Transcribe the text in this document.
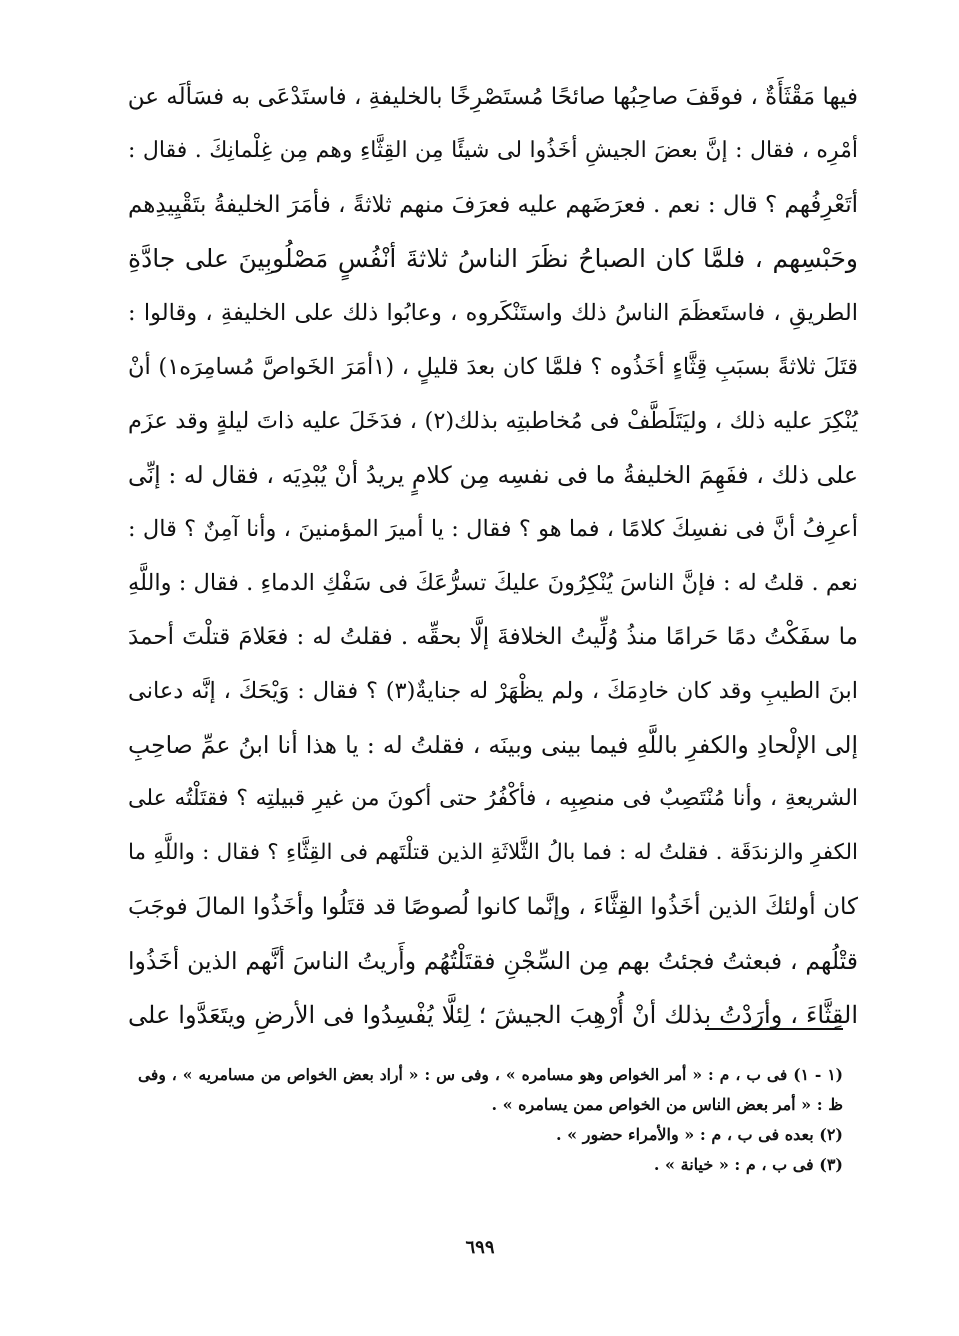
فيها مَقْثَأَةٌ ، فوقَفَ صاحِبُها صائحًا مُستَصْرِخًا بالخليفةِ ، فاستَدْعَى به فسَألَه عن
أمْرِه ، فقال : إنَّ بعضَ الجيشِ أخَذُوا لى شيئًا مِن القِثَّاءِ وهم مِن غِلْمانِكَ . فقال :
أتَعْرِفُهم ؟ قال : نعم . فعرَضَهم عليه فعرَفَ منهم ثلاثةً ، فأمَرَ الخليفةُ بتَقْيِيدِهم
وحَبْسِهم ، فلمَّا كان الصباحُ نظَرَ الناسُ ثلاثةَ أنْفُسٍ مَصْلُوبِينَ على جادَّةِ
الطريقِ ، فاستَعظَمَ الناسُ ذلك واستَنْكَروه ، وعابُوا ذلك على الخليفةِ ، وقالوا :
قتَلَ ثلاثةً بسبَبِ قِثَّاءٍ أخَذُوه ؟ فلمَّا كان بعدَ قليلٍ ، (١أمَرَ الخَواصَّ مُسامِرَه١) أنْ
يُنْكِرَ عليه ذلك ، وليَتَلَطَّفْ فى مُخاطبتِه بذلك(٢) ، فدَخَلَ عليه ذاتَ ليلةٍ وقد عزَم
على ذلك ، ففَهِمَ الخليفةُ ما فى نفسِه مِن كلامٍ يريدُ أنْ يُبْدِيَه ، فقال له : إنِّى
أعرِفُ أنَّ فى نفسِكَ كلامًا ، فما هو ؟ فقال : يا أميرَ المؤمنينَ ، وأنا آمِنٌ ؟ قال :
نعم . قلتُ له : فإنَّ الناسَ يُنْكِرُونَ عليكَ تسرُّعَكَ فى سَفْكِ الدماءِ . فقال : واللَّهِ
ما سفَكْتُ دمًا حَرامًا منذُ وُلِّيتُ الخلافةَ إلَّا بحقِّه . فقلتُ له : فعَلامَ قتلْتَ أحمدَ
ابنَ الطيبِ وقد كان خادِمَكَ ، ولم يظْهَرْ له جنايةٌ(٣) ؟ فقال : وَيْحَكَ ، إنَّه دعانى
إلى الإلْحادِ والكفرِ باللَّهِ فيما بينى وبينَه ، فقلتُ له : يا هذا أنا ابنُ عمِّ صاحِبِ
الشريعةِ ، وأنا مُنْتَصِبٌ فى منصِبِه ، فأكْفُرُ حتى أكونَ من غيرِ قبيلتِه ؟ فقتَلْتُه على
الكفرِ والزندَقَة . فقلتُ له : فما بالُ الثَّلاثَةِ الذين قتلْتَهم فى القِثَّاءِ ؟ فقال : واللَّهِ ما
كان أولئكَ الذين أخَذُوا القِثَّاءَ ، وإنَّما كانوا لُصوصًا قد قتَلُوا وأخَذُوا المالَ فوجَبَ
قتْلُهم ، فبعثتُ فجئتُ بهم مِن السِّجْنِ فقتَلْتُهُم وأَريتُ الناسَ أنَّهم الذين أخَذُوا
القِثَّاءَ ، وأرَدْتُ بذلك أنْ أُرْهِبَ الجيشَ ؛ لِئلَّا يُفْسِدُوا فى الأرضِ ويتَعَدَّوا على
(١ - ١) فى ب ، م : « أمر الخواص وهو مسامره » ، وفى س : « أراد بعض الخواص من مسامريه » ، وفى
ظ : « أمر بعض الناس من الخواص ممن يسامره » .
(٢) بعده فى ب ، م : « والأمراء حضور » .
(٣) فى ب ، م : « خيانة » .
٦٩٩
